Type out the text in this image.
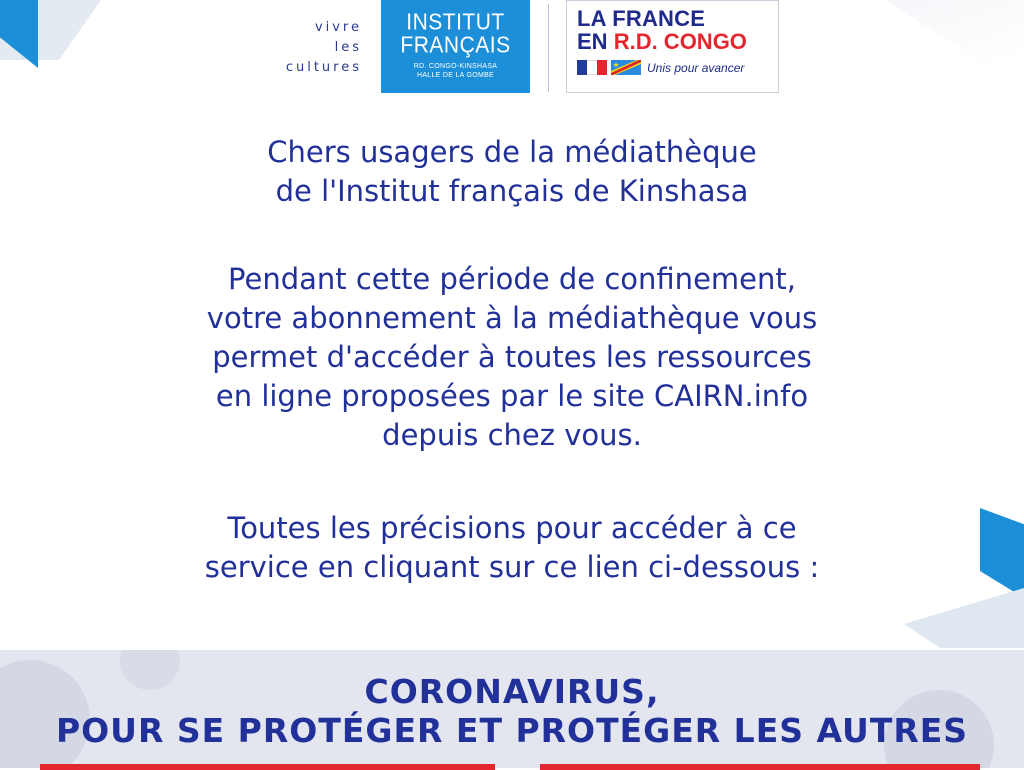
vivre
les
cultures
INSTITUT
FRANÇAIS
RD. CONGO-KINSHASA
HALLE DE LA GOMBE
LA FRANCE
EN R.D. CONGO
Unis pour avancer
Chers usagers de la médiathèque
de l'Institut français de Kinshasa
Pendant cette période de confinement,
votre abonnement à la médiathèque vous
permet d'accéder à toutes les ressources
en ligne proposées par le site CAIRN.info
depuis chez vous.
Toutes les précisions pour accéder à ce
service en cliquant sur ce lien ci-dessous :
CORONAVIRUS,
POUR SE PROTÉGER ET PROTÉGER LES AUTRES
